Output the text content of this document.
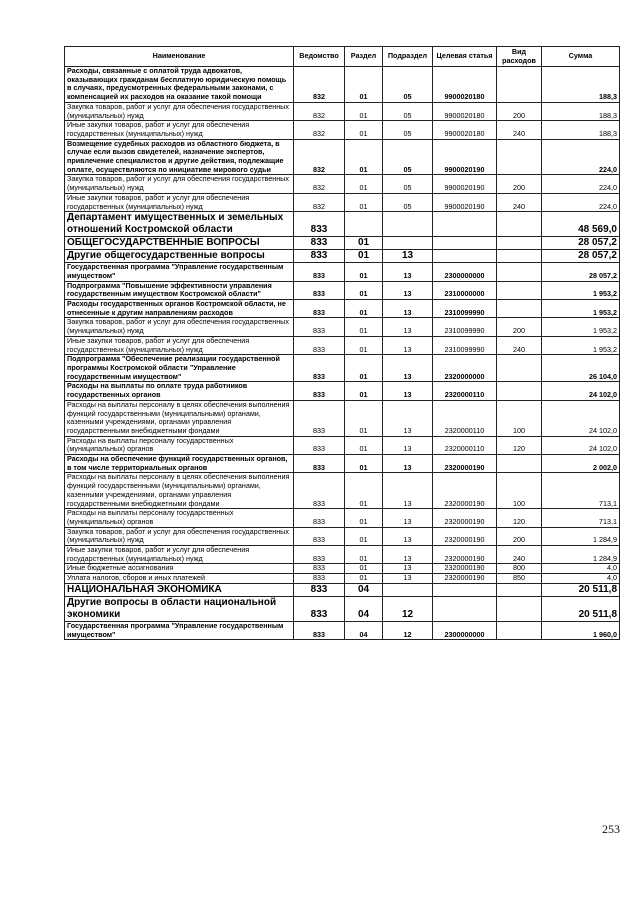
Наименование	Ведомство	Раздел	Подраздел	Целевая статья	Вид расходов	Сумма
Расходы, связанные с оплатой труда адвокатов, оказывающих гражданам бесплатную юридическую помощь в случаях, предусмотренных федеральными законами, с компенсацией их расходов на оказание такой помощи	832	01	05	9900020180		188,3
Закупка товаров, работ и услуг для обеспечения государственных (муниципальных) нужд	832	01	05	9900020180	200	188,3
Иные закупки товаров, работ и услуг для обеспечения государственных (муниципальных) нужд	832	01	05	9900020180	240	188,3
Возмещение судебных расходов из областного бюджета, в случае если вызов свидетелей, назначение экспертов, привлечение специалистов и другие действия, подлежащие оплате, осуществляются по инициативе мирового судьи	832	01	05	9900020190		224,0
Закупка товаров, работ и услуг для обеспечения государственных (муниципальных) нужд	832	01	05	9900020190	200	224,0
Иные закупки товаров, работ и услуг для обеспечения государственных (муниципальных) нужд	832	01	05	9900020190	240	224,0
Департамент имущественных и земельных отношений Костромской области	833					48 569,0
ОБЩЕГОСУДАРСТВЕННЫЕ ВОПРОСЫ	833	01				28 057,2
Другие общегосударственные вопросы	833	01	13			28 057,2
Государственная программа "Управление государственным имуществом"	833	01	13	2300000000		28 057,2
Подпрограмма "Повышение эффективности управления государственным имуществом Костромской области"	833	01	13	2310000000		1 953,2
Расходы государственных органов Костромской области, не отнесенные к другим направлениям расходов	833	01	13	2310099990		1 953,2
Закупка товаров, работ и услуг для обеспечения государственных (муниципальных) нужд	833	01	13	2310099990	200	1 953,2
Иные закупки товаров, работ и услуг для обеспечения государственных (муниципальных) нужд	833	01	13	2310099990	240	1 953,2
Подпрограмма "Обеспечение реализации государственной программы Костромской области "Управление государственным имуществом"	833	01	13	2320000000		26 104,0
Расходы на выплаты по оплате труда работников государственных органов	833	01	13	2320000110		24 102,0
Расходы на выплаты персоналу в целях обеспечения выполнения функций государственными (муниципальными) органами, казенными учреждениями, органами управления государственными внебюджетными фондами	833	01	13	2320000110	100	24 102,0
Расходы на выплаты персоналу государственных (муниципальных) органов	833	01	13	2320000110	120	24 102,0
Расходы на обеспечение функций государственных органов, в том числе территориальных органов	833	01	13	2320000190		2 002,0
Расходы на выплаты персоналу в целях обеспечения выполнения функций государственными (муниципальными) органами, казенными учреждениями, органами управления государственными внебюджетными фондами	833	01	13	2320000190	100	713,1
Расходы на выплаты персоналу государственных (муниципальных) органов	833	01	13	2320000190	120	713,1
Закупка товаров, работ и услуг для обеспечения государственных (муниципальных) нужд	833	01	13	2320000190	200	1 284,9
Иные закупки товаров, работ и услуг для обеспечения государственных (муниципальных) нужд	833	01	13	2320000190	240	1 284,9
Иные бюджетные ассигнования	833	01	13	2320000190	800	4,0
Уплата налогов, сборов и иных платежей	833	01	13	2320000190	850	4,0
НАЦИОНАЛЬНАЯ ЭКОНОМИКА	833	04				20 511,8
Другие вопросы в области национальной экономики	833	04	12			20 511,8
Государственная программа "Управление государственным имуществом"	833	04	12	2300000000		1 960,0
253
